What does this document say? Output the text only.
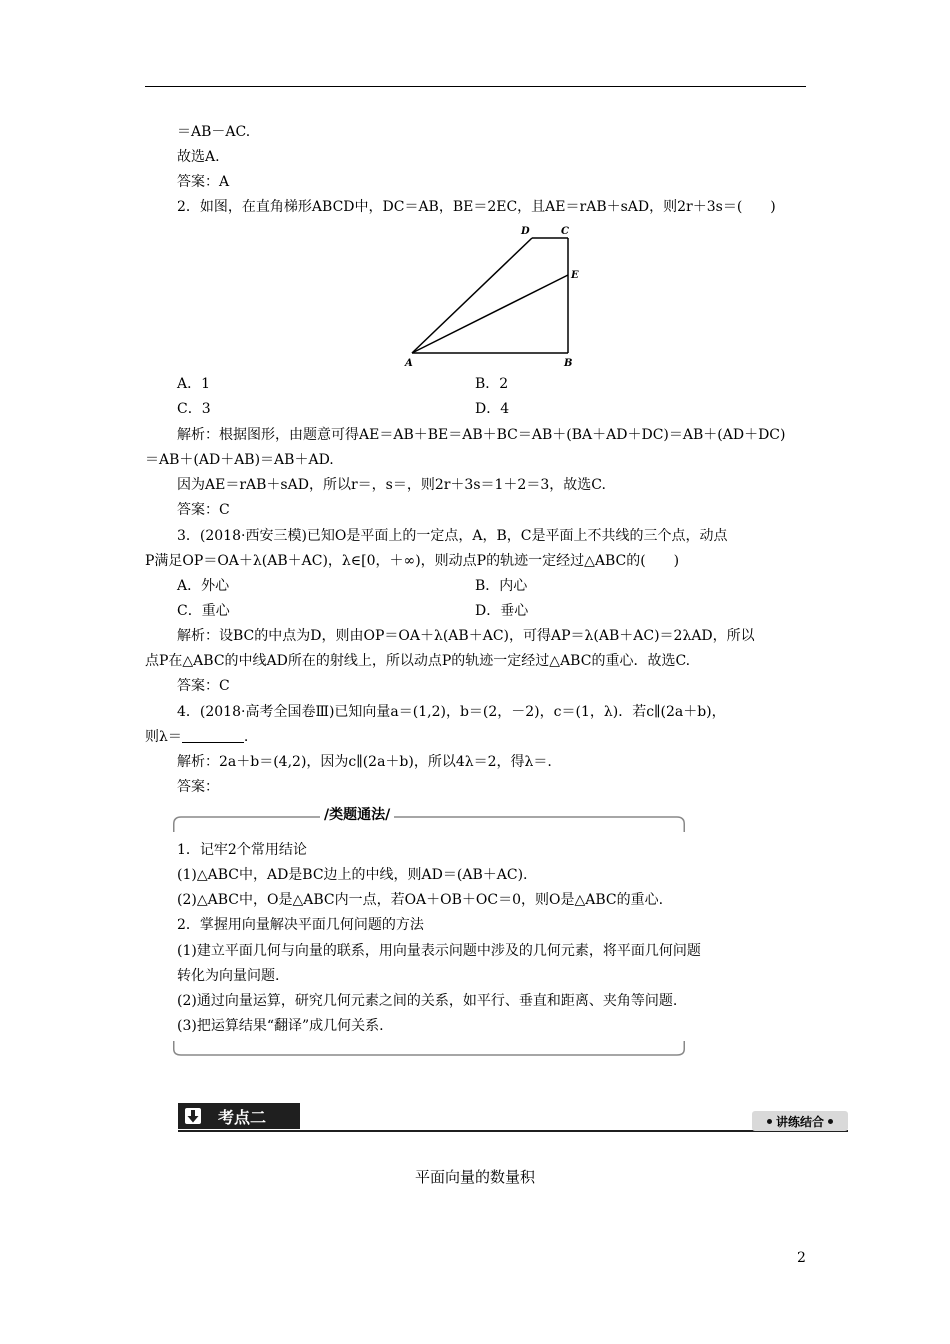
＝AB－AC.
故选A.
答案：A
2．如图，在直角梯形ABCD中，DC＝AB，BE＝2EC，且AE＝rAB＋sAD，则2r＋3s＝(　　)
D	C
E
A	B
A．1	B．2
C．3	D．4
解析：根据图形，由题意可得AE＝AB＋BE＝AB＋BC＝AB＋(BA＋AD＋DC)＝AB＋(AD＋DC)
＝AB＋(AD＋AB)＝AB＋AD.
因为AE＝rAB＋sAD，所以r＝，s＝，则2r＋3s＝1＋2＝3，故选C.
答案：C
3．(2018·西安三模)已知O是平面上的一定点，A，B，C是平面上不共线的三个点，动点
P满足OP＝OA＋λ(AB＋AC)，λ∈[0，＋∞)，则动点P的轨迹一定经过△ABC的(　　)
A．外心	B．内心
C．重心	D．垂心
解析：设BC的中点为D，则由OP＝OA＋λ(AB＋AC)，可得AP＝λ(AB＋AC)＝2λAD，所以
点P在△ABC的中线AD所在的射线上，所以动点P的轨迹一定经过△ABC的重心．故选C.
答案：C
4．(2018·高考全国卷Ⅲ)已知向量a＝(1,2)，b＝(2，－2)，c＝(1，λ)．若c∥(2a＋b)，
则λ＝	.
解析：2a＋b＝(4,2)，因为c∥(2a＋b)，所以4λ＝2，得λ＝.
答案：
/类题通法/
1．记牢2个常用结论
(1)△ABC中，AD是BC边上的中线，则AD＝(AB＋AC).
(2)△ABC中，O是△ABC内一点，若OA＋OB＋OC＝0，则O是△ABC的重心.
2．掌握用向量解决平面几何问题的方法
(1)建立平面几何与向量的联系，用向量表示问题中涉及的几何元素，将平面几何问题
转化为向量问题.
(2)通过向量运算，研究几何元素之间的关系，如平行、垂直和距离、夹角等问题.
(3)把运算结果“翻译”成几何关系.
考点二	讲练结合
平面向量的数量积
2
